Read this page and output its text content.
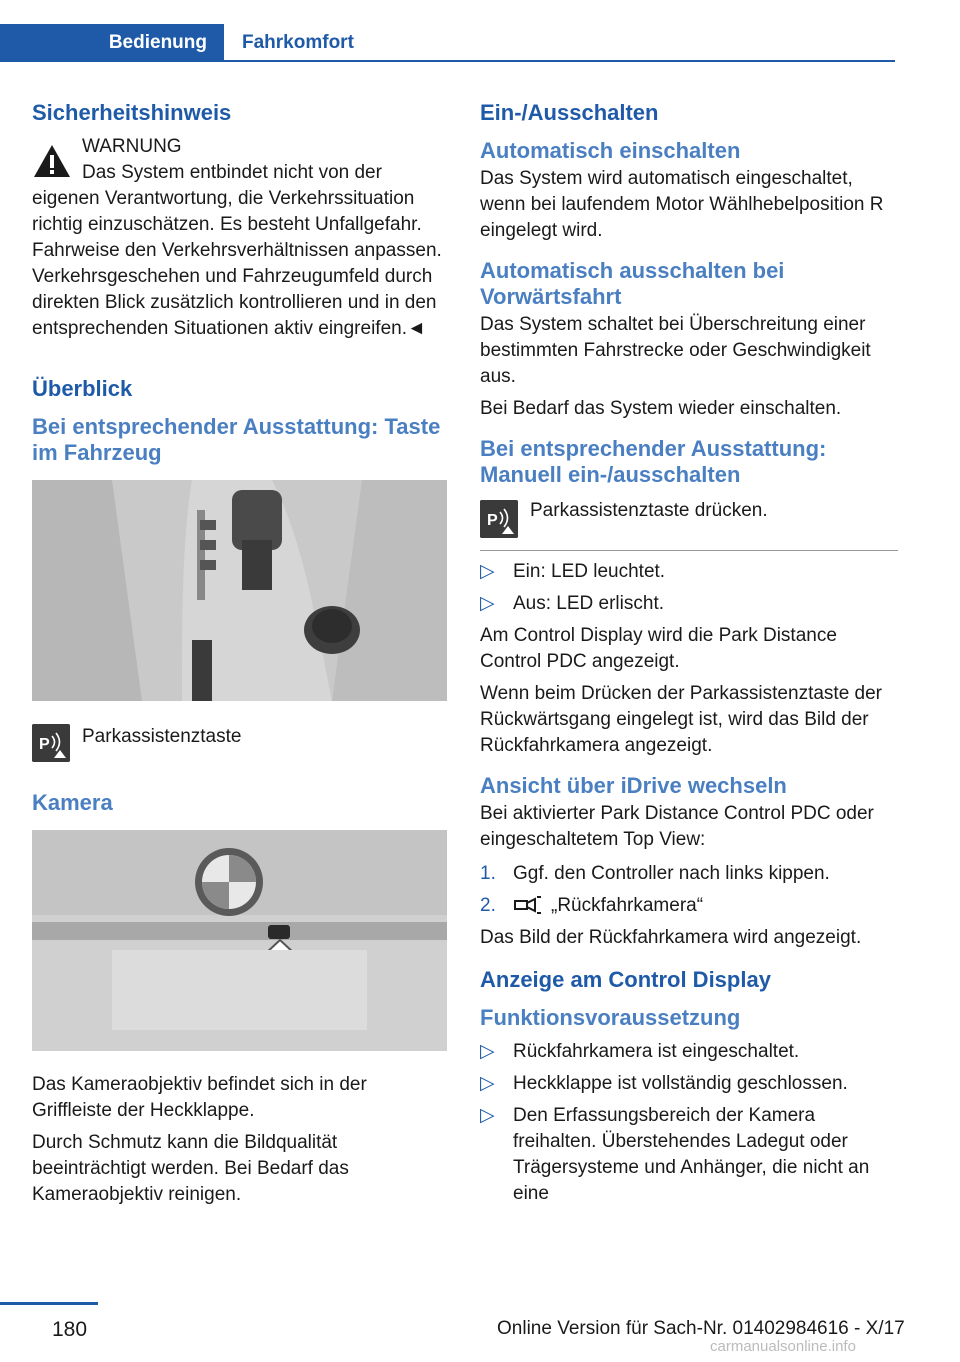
Bedienung	Fahrkomfort
Sicherheitshinweis
WARNUNG
Das System entbindet nicht von der eigenen Verantwortung, die Verkehrssituation richtig einzuschätzen. Es besteht Unfallgefahr. Fahrweise den Verkehrsverhältnissen anpassen. Verkehrsgeschehen und Fahrzeugumfeld durch direkten Blick zusätzlich kontrollieren und in den entsprechenden Situationen aktiv eingreifen.◄
Überblick
Bei entsprechender Ausstattung: Taste im Fahrzeug
P	Parkassistenztaste
Kamera
Das Kameraobjektiv befindet sich in der Griffleiste der Heckklappe.
Durch Schmutz kann die Bildqualität beeinträchtigt werden. Bei Bedarf das Kameraobjektiv reinigen.
Ein-/Ausschalten
Automatisch einschalten
Das System wird automatisch eingeschaltet, wenn bei laufendem Motor Wählhebelposition R eingelegt wird.
Automatisch ausschalten bei Vorwärtsfahrt
Das System schaltet bei Überschreitung einer bestimmten Fahrstrecke oder Geschwindigkeit aus.
Bei Bedarf das System wieder einschalten.
Bei entsprechender Ausstattung: Manuell ein-/ausschalten
P	Parkassistenztaste drücken.
▷ Ein: LED leuchtet.
▷ Aus: LED erlischt.
Am Control Display wird die Park Distance Control PDC angezeigt.
Wenn beim Drücken der Parkassistenztaste der Rückwärtsgang eingelegt ist, wird das Bild der Rückfahrkamera angezeigt.
Ansicht über iDrive wechseln
Bei aktivierter Park Distance Control PDC oder eingeschaltetem Top View:
1. Ggf. den Controller nach links kippen.
2.	„Rückfahrkamera“
Das Bild der Rückfahrkamera wird angezeigt.
Anzeige am Control Display
Funktionsvoraussetzung
▷ Rückfahrkamera ist eingeschaltet.
▷ Heckklappe ist vollständig geschlossen.
▷ Den Erfassungsbereich der Kamera freihalten. Überstehendes Ladegut oder Trägersysteme und Anhänger, die nicht an eine
180	Online Version für Sach-Nr. 01402984616 - X/17
carmanualsonline.info
